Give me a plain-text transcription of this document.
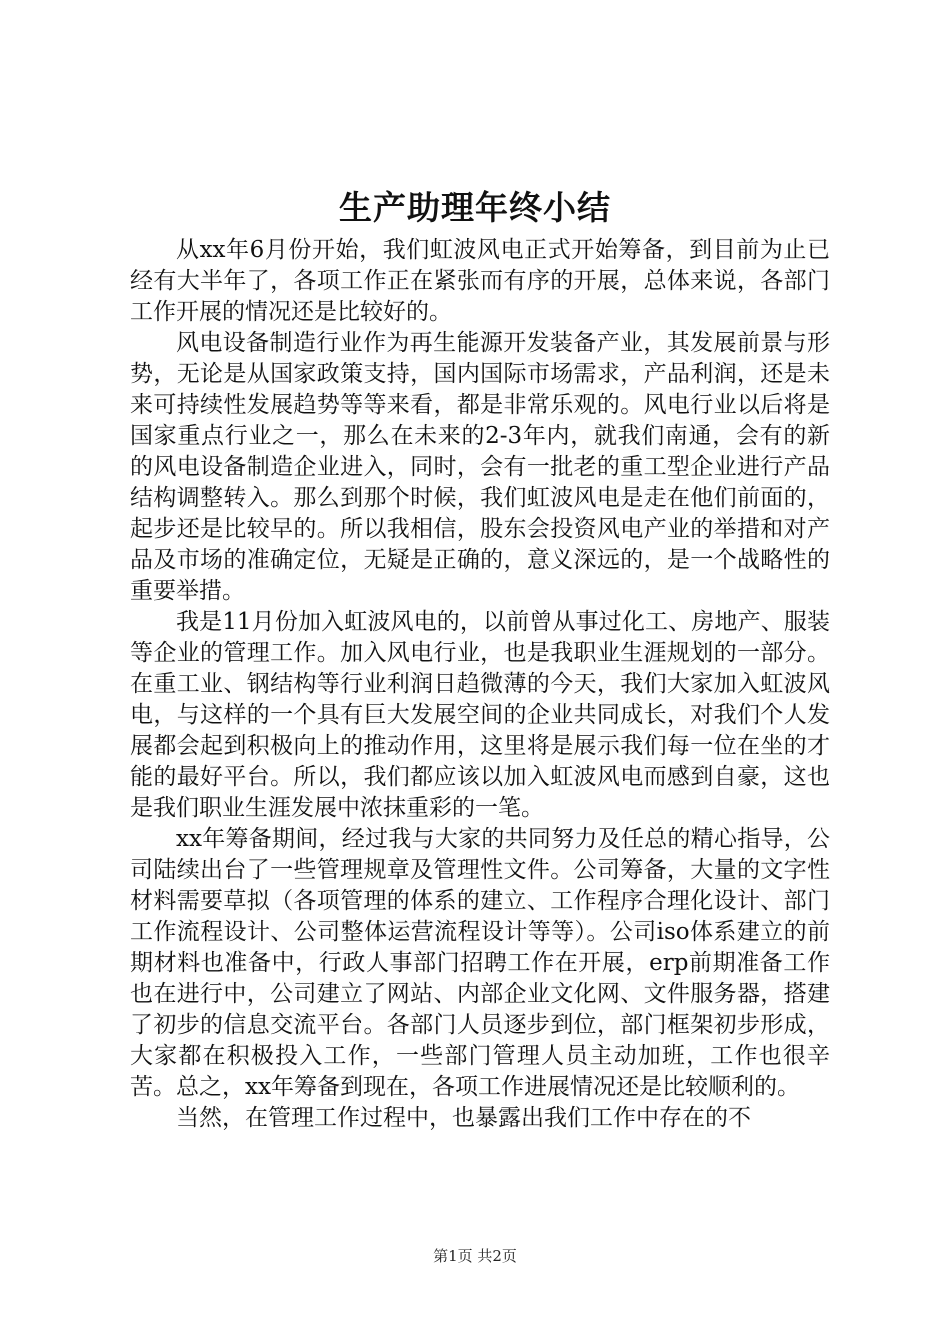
生产助理年终小结

从xx年6月份开始，我们虹波风电正式开始筹备，到目前为止已经有大半年了，各项工作正在紧张而有序的开展，总体来说，各部门工作开展的情况还是比较好的。

风电设备制造行业作为再生能源开发装备产业，其发展前景与形势，无论是从国家政策支持，国内国际市场需求，产品利润，还是未来可持续性发展趋势等等来看，都是非常乐观的。风电行业以后将是国家重点行业之一，那么在未来的2-3年内，就我们南通，会有的新的风电设备制造企业进入，同时，会有一批老的重工型企业进行产品结构调整转入。那么到那个时候，我们虹波风电是走在他们前面的，起步还是比较早的。所以我相信，股东会投资风电产业的举措和对产品及市场的准确定位，无疑是正确的，意义深远的，是一个战略性的重要举措。

我是11月份加入虹波风电的，以前曾从事过化工、房地产、服装等企业的管理工作。加入风电行业，也是我职业生涯规划的一部分。在重工业、钢结构等行业利润日趋微薄的今天，我们大家加入虹波风电，与这样的一个具有巨大发展空间的企业共同成长，对我们个人发展都会起到积极向上的推动作用，这里将是展示我们每一位在坐的才能的最好平台。所以，我们都应该以加入虹波风电而感到自豪，这也是我们职业生涯发展中浓抹重彩的一笔。

xx年筹备期间，经过我与大家的共同努力及任总的精心指导，公司陆续出台了一些管理规章及管理性文件。公司筹备，大量的文字性材料需要草拟（各项管理的体系的建立、工作程序合理化设计、部门工作流程设计、公司整体运营流程设计等等）。公司iso体系建立的前期材料也准备中，行政人事部门招聘工作在开展，erp前期准备工作也在进行中，公司建立了网站、内部企业文化网、文件服务器，搭建了初步的信息交流平台。各部门人员逐步到位，部门框架初步形成，大家都在积极投入工作，一些部门管理人员主动加班，工作也很辛苦。总之，xx年筹备到现在，各项工作进展情况还是比较顺利的。

当然，在管理工作过程中，也暴露出我们工作中存在的不

第1页 共2页
